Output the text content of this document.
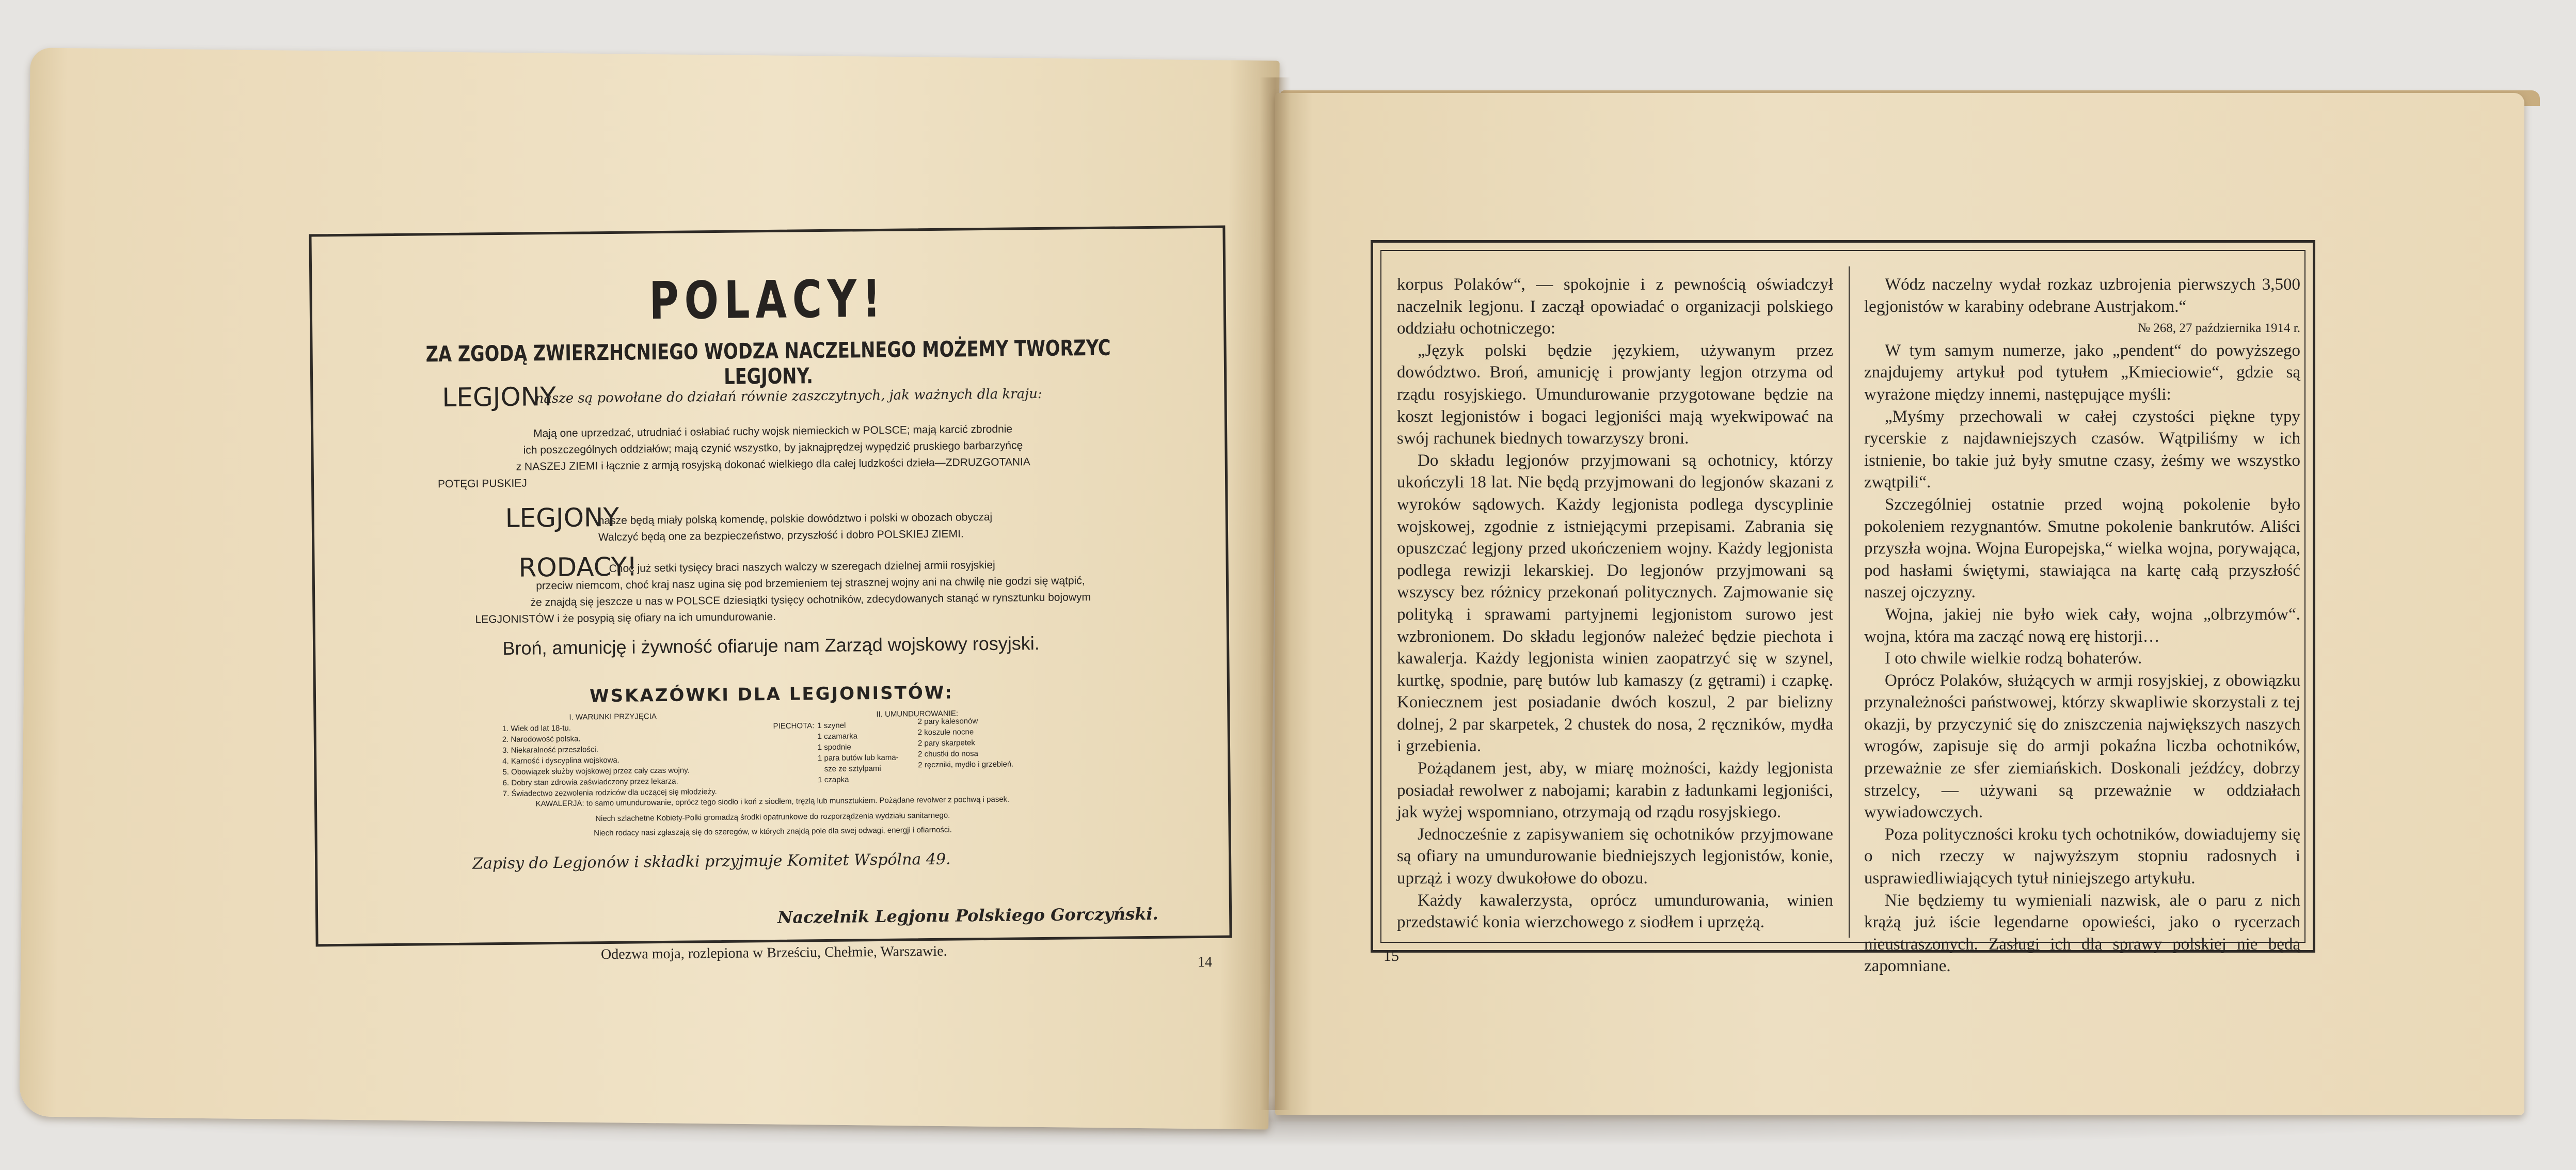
POLACY!
ZA ZGODĄ ZWIERZHCNIEGO WODZA NACZELNEGO MOŻEMY TWORZYC LEGJONY.
LEGJONY
nasze są powołane do działań równie zaszczytnych, jak ważnych dla kraju:
Mają one uprzedzać, utrudniać i osłabiać ruchy wojsk niemieckich w POLSCE; mają karcić zbrodnie
ich poszczególnych oddziałów; mają czynić wszystko, by jaknajprędzej wypędzić pruskiego barbarzyńcę
z NASZEJ ZIEMI i łącznie z armją rosyjską dokonać wielkiego dla całej ludzkości dzieła—ZDRUZGOTANIA
POTĘGI PUSKIEJ
LEGJONY
nasze będą miały polską komendę, polskie dowództwo i polski w obozach obyczaj
Walczyć będą one za bezpieczeństwo, przyszłość i dobro POLSKIEJ ZIEMI.
RODACY!
Choć już setki tysięcy braci naszych walczy w szeregach dzielnej armii rosyjskiej
przeciw niemcom, choć kraj nasz ugina się pod brzemieniem tej strasznej wojny ani na chwilę nie godzi się wątpić,
że znajdą się jeszcze u nas w POLSCE dziesiątki tysięcy ochotników, zdecydowanych stanąć w rynsztunku bojowym
LEGJONISTÓW i że posypią się ofiary na ich umundurowanie.
Broń, amunicję i żywność ofiaruje nam Zarząd wojskowy rosyjski.
WSKAZÓWKI DLA LEGJONISTÓW:
I. WARUNKI PRZYJĘCIA
1. Wiek od lat 18-tu.
2. Narodowość polska.
3. Niekaralność przeszłości.
4. Karność i dyscyplina wojskowa.
5. Obowiązek służby wojskowej przez cały czas wojny.
6. Dobry stan zdrowia zaświadczony przez lekarza.
7. Świadectwo zezwolenia rodziców dla uczącej się młodzieży.
II. UMUNDUROWANIE:
PIECHOTA: 1 szynel
1 czamarka
1 spodnie
1 para butów lub kama-
sze ze sztylpami
1 czapka
2 pary kalesonów
2 koszule nocne
2 pary skarpetek
2 chustki do nosa
2 ręczniki, mydło i grzebień.
KAWALERJA: to samo umundurowanie, oprócz tego siodło i koń z siodłem, tręzlą lub munsztukiem. Pożądane revolwer z pochwą i pasek.
Niech szlachetne Kobiety-Polki gromadzą środki opatrunkowe do rozporządzenia wydziału sanitarnego.
Niech rodacy nasi zgłaszają się do szeregów, w których znajdą pole dla swej odwagi, energji i ofiarności.
Zapisy do Legjonów i składki przyjmuje Komitet Wspólna 49.
Naczelnik Legjonu Polskiego Gorczyński.
Odezwa moja, rozlepiona w Brześciu, Chełmie, Warszawie.	14

korpus Polaków“, — spokojnie i z pewnością oświadczył naczelnik legjonu. I zaczął opowiadać o organizacji polskiego oddziału ochotniczego:

„Język polski będzie językiem, używanym przez dowództwo. Broń, amunicję i prowjanty legjon otrzyma od rządu rosyjskiego. Umundurowanie przygotowane będzie na koszt legjonistów i bogaci legjoniści mają wyekwipować na swój rachunek biednych towarzyszy broni.

Do składu legjonów przyjmowani są ochotnicy, którzy ukończyli 18 lat. Nie będą przyjmowani do legjonów skazani z wyroków sądowych. Każdy legjonista podlega dyscyplinie wojskowej, zgodnie z istniejącymi przepisami. Zabrania się opuszczać legjony przed ukończeniem wojny. Każdy legjonista podlega rewizji lekarskiej. Do legjonów przyjmowani są wszyscy bez różnicy przekonań politycznych. Zajmowanie się polityką i sprawami partyjnemi legjonistom surowo jest wzbronionem. Do składu legjonów należeć będzie piechota i kawalerja. Każdy legjonista winien zaopatrzyć się w szynel, kurtkę, spodnie, parę butów lub kamaszy (z gętrami) i czapkę. Koniecznem jest posiadanie dwóch koszul, 2 par bielizny dolnej, 2 par skarpetek, 2 chustek do nosa, 2 ręczników, mydła i grzebienia.

Pożądanem jest, aby, w miarę możności, każdy legjonista posiadał rewolwer z nabojami; karabin z ładunkami legjoniści, jak wyżej wspomniano, otrzymają od rządu rosyjskiego.

Jednocześnie z zapisywaniem się ochotników przyjmowane są ofiary na umundurowanie biedniejszych legjonistów, konie, uprząż i wozy dwukołowe do obozu.

Każdy kawalerzysta, oprócz umundurowania, winien przedstawić konia wierzchowego z siodłem i uprzężą.

Wódz naczelny wydał rozkaz uzbrojenia pierwszych 3,500 legjonistów w karabiny odebrane Austrjakom.“

№ 268, 27 października 1914 r.

W tym samym numerze, jako „pendent“ do powyższego znajdujemy artykuł pod tytułem „Kmieciowie“, gdzie są wyrażone między innemi, następujące myśli:

„Myśmy przechowali w całej czystości piękne typy rycerskie z najdawniejszych czasów. Wątpiliśmy w ich istnienie, bo takie już były smutne czasy, żeśmy we wszystko zwątpili“.

Szczególniej ostatnie przed wojną pokolenie było pokoleniem rezygnantów. Smutne pokolenie bankrutów. Aliści przyszła wojna. Wojna Europejska,“ wielka wojna, porywająca, pod hasłami świętymi, stawiająca na kartę całą przyszłość naszej ojczyzny.

Wojna, jakiej nie było wiek cały, wojna „olbrzymów“. wojna, która ma zacząć nową erę historji…

I oto chwile wielkie rodzą bohaterów.

Oprócz Polaków, służących w armji rosyjskiej, z obowiązku przynależności państwowej, którzy skwapliwie skorzystali z tej okazji, by przyczynić się do zniszczenia największych naszych wrogów, zapisuje się do armji pokaźna liczba ochotników, przeważnie ze sfer ziemiańskich. Doskonali jeźdźcy, dobrzy strzelcy, — używani są przeważnie w oddziałach wywiadowczych.

Poza polityczności kroku tych ochotników, dowiadujemy się o nich rzeczy w najwyższym stopniu radosnych i usprawiedliwiających tytuł niniejszego artykułu.

Nie będziemy tu wymieniali nazwisk, ale o paru z nich krążą już iście legendarne opowieści, jako o rycerzach nieustraszonych. Zasługi ich dla sprawy polskiej nie będą zapomniane.

15
